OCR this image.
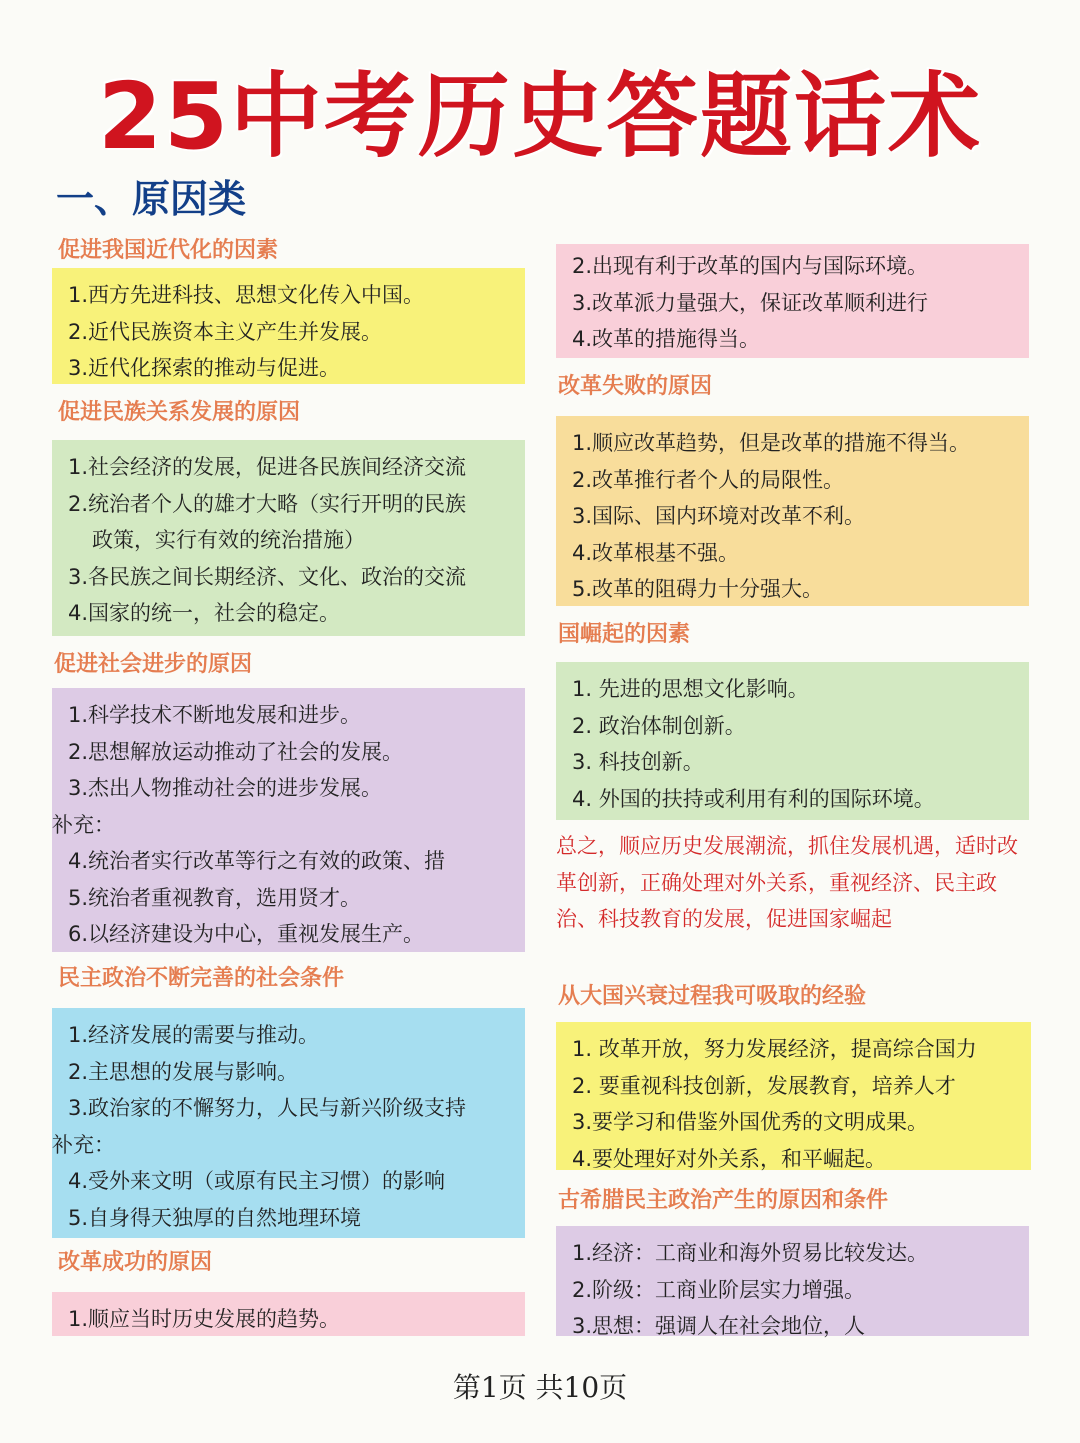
25中考历史答题话术
一、原因类
促进我国近代化的因素
1.西方先进科技、思想文化传入中国。
2.近代民族资本主义产生并发展。
3.近代化探索的推动与促进。
促进民族关系发展的原因
1.社会经济的发展，促进各民族间经济交流
2.统治者个人的雄才大略（实行开明的民族
政策，实行有效的统治措施）
3.各民族之间长期经济、文化、政治的交流
4.国家的统一，社会的稳定。
促进社会进步的原因
1.科学技术不断地发展和进步。
2.思想解放运动推动了社会的发展。
3.杰出人物推动社会的进步发展。
补充：
4.统治者实行改革等行之有效的政策、措
5.统治者重视教育，选用贤才。
6.以经济建设为中心，重视发展生产。
民主政治不断完善的社会条件
1.经济发展的需要与推动。
2.主思想的发展与影响。
3.政治家的不懈努力，人民与新兴阶级支持
补充：
4.受外来文明（或原有民主习惯）的影响
5.自身得天独厚的自然地理环境
改革成功的原因
1.顺应当时历史发展的趋势。
2.出现有利于改革的国内与国际环境。
3.改革派力量强大，保证改革顺利进行
4.改革的措施得当。
改革失败的原因
1.顺应改革趋势，但是改革的措施不得当。
2.改革推行者个人的局限性。
3.国际、国内环境对改革不利。
4.改革根基不强。
5.改革的阻碍力十分强大。
国崛起的因素
1. 先进的思想文化影响。
2. 政治体制创新。
3. 科技创新。
4. 外国的扶持或利用有利的国际环境。

总之，顺应历史发展潮流，抓住发展机遇，适时改革创新，正确处理对外关系，重视经济、民主政治、科技教育的发展，促进国家崛起

从大国兴衰过程我可吸取的经验
1. 改革开放，努力发展经济，提高综合国力
2. 要重视科技创新，发展教育，培养人才
3.要学习和借鉴外国优秀的文明成果。
4.要处理好对外关系，和平崛起。
古希腊民主政治产生的原因和条件
1.经济：工商业和海外贸易比较发达。
2.阶级：工商业阶层实力增强。
3.思想：强调人在社会地位，人

第1页 共10页
